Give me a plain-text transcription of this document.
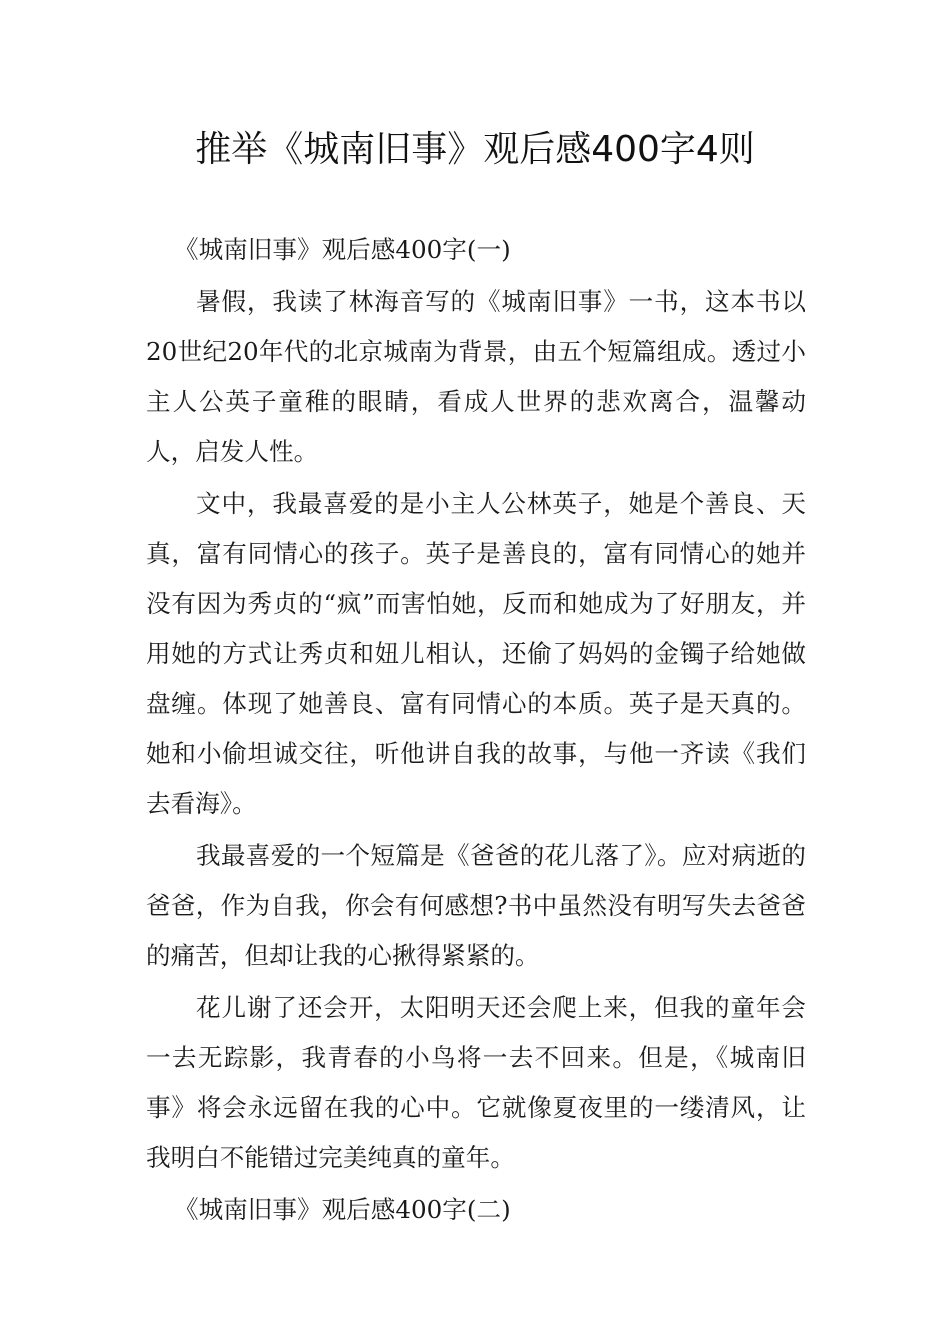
推举《城南旧事》观后感400字4则
《城南旧事》观后感400字(一)

暑假，我读了林海音写的《城南旧事》一书，这本书以20世纪20年代的北京城南为背景，由五个短篇组成。透过小主人公英子童稚的眼睛，看成人世界的悲欢离合，温馨动人，启发人性。

文中，我最喜爱的是小主人公林英子，她是个善良、天真，富有同情心的孩子。英子是善良的，富有同情心的她并没有因为秀贞的“疯”而害怕她，反而和她成为了好朋友，并用她的方式让秀贞和妞儿相认，还偷了妈妈的金镯子给她做盘缠。体现了她善良、富有同情心的本质。英子是天真的。她和小偷坦诚交往，听他讲自我的故事，与他一齐读《我们去看海》。

我最喜爱的一个短篇是《爸爸的花儿落了》。应对病逝的爸爸，作为自我，你会有何感想?书中虽然没有明写失去爸爸的痛苦，但却让我的心揪得紧紧的。

花儿谢了还会开，太阳明天还会爬上来，但我的童年会一去无踪影，我青春的小鸟将一去不回来。但是，《城南旧事》将会永远留在我的心中。它就像夏夜里的一缕清风，让我明白不能错过完美纯真的童年。

《城南旧事》观后感400字(二)
